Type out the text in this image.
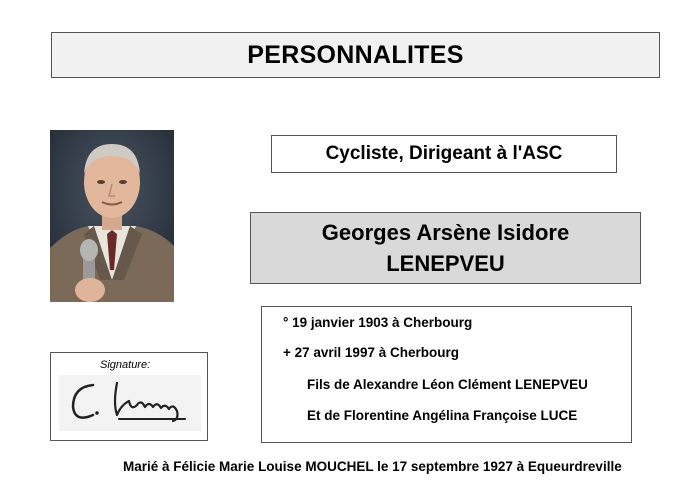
PERSONNALITES
Cycliste, Dirigeant à l'ASC
Georges Arsène Isidore
LENEPVEU
° 19 janvier 1903 à Cherbourg
+ 27 avril 1997 à Cherbourg
Fils de Alexandre Léon Clément LENEPVEU
Et de Florentine Angélina Françoise LUCE
Signature:
Marié à Félicie Marie Louise MOUCHEL le 17 septembre 1927 à Equeurdreville
